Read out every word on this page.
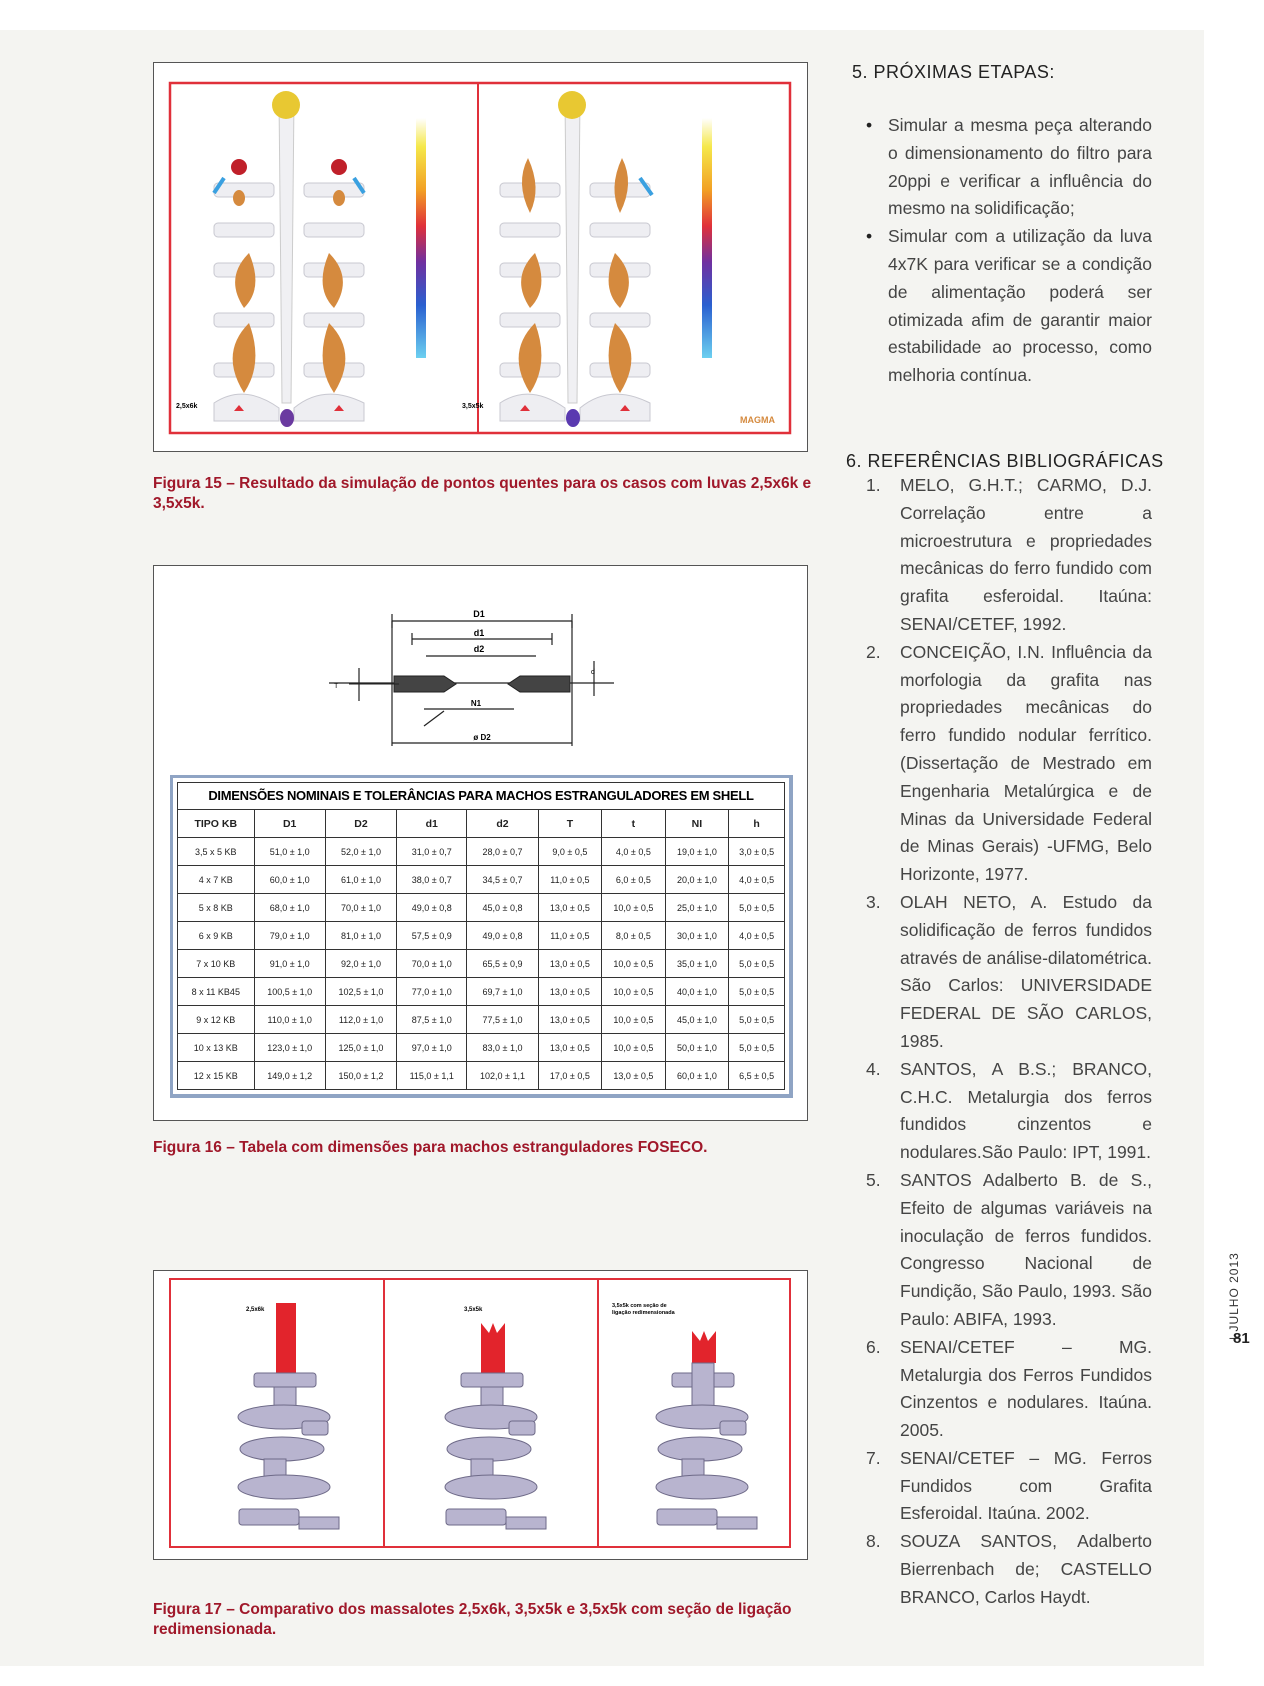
2,5x6k	3,5x5k
MAGMA
Figura 15 – Resultado da simulação de pontos quentes para os casos com luvas 2,5x6k e 3,5x5k.
D1
d1
d2
N1
ø D2
T
d
DIMENSÕES NOMINAIS E TOLERÂNCIAS PARA MACHOS ESTRANGULADORES EM SHELL
TIPO KB	D1	D2	d1	d2	T	t	NI	h
3,5 x 5 KB	51,0 ± 1,0	52,0 ± 1,0	31,0 ± 0,7	28,0 ± 0,7	9,0 ± 0,5	4,0 ± 0,5	19,0 ± 1,0	3,0 ± 0,5
4 x 7 KB	60,0 ± 1,0	61,0 ± 1,0	38,0 ± 0,7	34,5 ± 0,7	11,0 ± 0,5	6,0 ± 0,5	20,0 ± 1,0	4,0 ± 0,5
5 x 8 KB	68,0 ± 1,0	70,0 ± 1,0	49,0 ± 0,8	45,0 ± 0,8	13,0 ± 0,5	10,0 ± 0,5	25,0 ± 1,0	5,0 ± 0,5
6 x 9 KB	79,0 ± 1,0	81,0 ± 1,0	57,5 ± 0,9	49,0 ± 0,8	11,0 ± 0,5	8,0 ± 0,5	30,0 ± 1,0	4,0 ± 0,5
7 x 10 KB	91,0 ± 1,0	92,0 ± 1,0	70,0 ± 1,0	65,5 ± 0,9	13,0 ± 0,5	10,0 ± 0,5	35,0 ± 1,0	5,0 ± 0,5
8 x 11 KB45	100,5 ± 1,0	102,5 ± 1,0	77,0 ± 1,0	69,7 ± 1,0	13,0 ± 0,5	10,0 ± 0,5	40,0 ± 1,0	5,0 ± 0,5
9 x 12 KB	110,0 ± 1,0	112,0 ± 1,0	87,5 ± 1,0	77,5 ± 1,0	13,0 ± 0,5	10,0 ± 0,5	45,0 ± 1,0	5,0 ± 0,5
10 x 13 KB	123,0 ± 1,0	125,0 ± 1,0	97,0 ± 1,0	83,0 ± 1,0	13,0 ± 0,5	10,0 ± 0,5	50,0 ± 1,0	5,0 ± 0,5
12 x 15 KB	149,0 ± 1,2	150,0 ± 1,2	115,0 ± 1,1	102,0 ± 1,1	17,0 ± 0,5	13,0 ± 0,5	60,0 ± 1,0	6,5 ± 0,5
Figura 16 – Tabela com dimensões para machos estranguladores FOSECO.
2,5x6k	3,5x5k
3,5x5k com seção de ligação redimensionada
Figura 17 – Comparativo dos massalotes 2,5x6k, 3,5x5k e 3,5x5k com seção de ligação redimensionada.
5. PRÓXIMAS ETAPAS:
• Simular a mesma peça alterando o dimensionamento do filtro para 20ppi e verificar a influência do mesmo na solidificação;
• Simular com a utilização da luva 4x7K para verificar se a condição de alimentação poderá ser otimizada afim de garantir maior estabilidade ao processo, como melhoria contínua.
6. REFERÊNCIAS BIBLIOGRÁFICAS
1. MELO, G.H.T.; CARMO, D.J. Correlação entre a microestrutura e propriedades mecânicas do ferro fundido com grafita esferoidal. Itaúna: SENAI/CETEF, 1992.
2. CONCEIÇÃO, I.N. Influência da morfologia da grafita nas propriedades mecânicas do ferro fundido nodular ferrítico. (Dissertação de Mestrado em Engenharia Metalúrgica e de Minas da Universidade Federal de Minas Gerais) -UFMG, Belo Horizonte, 1977.
3. OLAH NETO, A. Estudo da solidificação de ferros fundidos através de análise-dilatométrica. São Carlos: UNIVERSIDADE FEDERAL DE SÃO CARLOS, 1985.
4. SANTOS, A B.S.; BRANCO, C.H.C. Metalurgia dos ferros fundidos cinzentos e nodulares.São Paulo: IPT, 1991.
5. SANTOS Adalberto B. de S., Efeito de algumas variáveis na inoculação de ferros fundidos. Congresso Nacional de Fundição, São Paulo, 1993. São Paulo: ABIFA, 1993.
6. SENAI/CETEF – MG. Metalurgia dos Ferros Fundidos Cinzentos e nodulares. Itaúna. 2005.
7. SENAI/CETEF – MG. Ferros Fundidos com Grafita Esferoidal. Itaúna. 2002.
8. SOUZA SANTOS, Adalberto Bierrenbach de; CASTELLO BRANCO, Carlos Haydt.
| JULHO 2013
81
